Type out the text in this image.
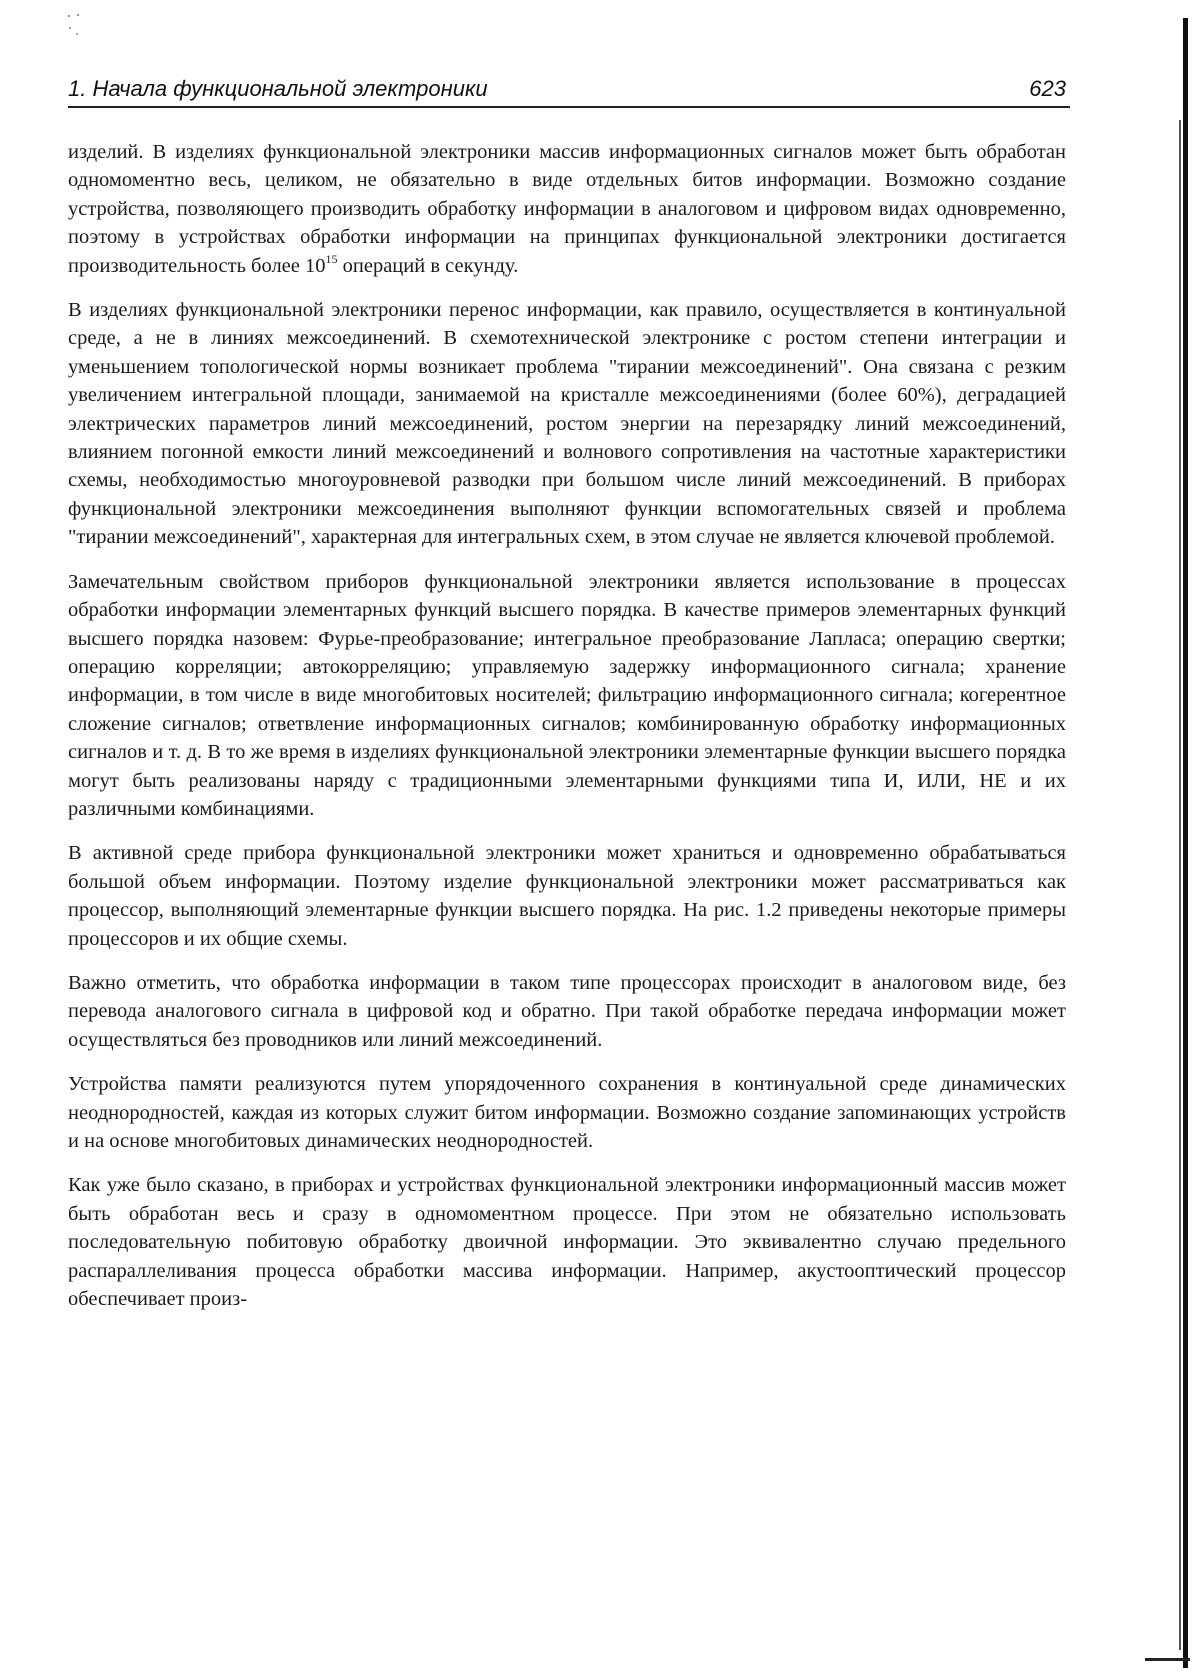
1. Начала функциональной электроники	623

изделий. В изделиях функциональной электроники массив информационных сигналов может быть обработан одномоментно весь, целиком, не обязательно в виде отдельных битов информации. Возможно создание устройства, позволяющего производить обработку информации в аналоговом и цифровом видах одновременно, поэтому в устройствах обработки информации на принципах функциональной электроники достигается производительность более $10^{15}$ операций в секунду.

В изделиях функциональной электроники перенос информации, как правило, осуществляется в континуальной среде, а не в линиях межсоединений. В схемотехнической электронике с ростом степени интеграции и уменьшением топологической нормы возникает проблема "тирании межсоединений". Она связана с резким увеличением интегральной площади, занимаемой на кристалле межсоединениями (более 60%), деградацией электрических параметров линий межсоединений, ростом энергии на перезарядку линий межсоединений, влиянием погонной емкости линий межсоединений и волнового сопротивления на частотные характеристики схемы, необходимостью многоуровневой разводки при большом числе линий межсоединений. В приборах функциональной электроники межсоединения выполняют функции вспомогательных связей и проблема "тирании межсоединений", характерная для интегральных схем, в этом случае не является ключевой проблемой.

Замечательным свойством приборов функциональной электроники является использование в процессах обработки информации элементарных функций высшего порядка. В качестве примеров элементарных функций высшего порядка назовем: Фурье-преобразование; интегральное преобразование Лапласа; операцию свертки; операцию корреляции; автокорреляцию; управляемую задержку информационного сигнала; хранение информации, в том числе в виде многобитовых носителей; фильтрацию информационного сигнала; когерентное сложение сигналов; ответвление информационных сигналов; комбинированную обработку информационных сигналов и т. д. В то же время в изделиях функциональной электроники элементарные функции высшего порядка могут быть реализованы наряду с традиционными элементарными функциями типа И, ИЛИ, НЕ и их различными комбинациями.

В активной среде прибора функциональной электроники может храниться и одновременно обрабатываться большой объем информации. Поэтому изделие функциональной электроники может рассматриваться как процессор, выполняющий элементарные функции высшего порядка. На рис. 1.2 приведены некоторые примеры процессоров и их общие схемы.

Важно отметить, что обработка информации в таком типе процессорах происходит в аналоговом виде, без перевода аналогового сигнала в цифровой код и обратно. При такой обработке передача информации может осуществляться без проводников или линий межсоединений.

Устройства памяти реализуются путем упорядоченного сохранения в континуальной среде динамических неоднородностей, каждая из которых служит битом информации. Возможно создание запоминающих устройств и на основе многобитовых динамических неоднородностей.

Как уже было сказано, в приборах и устройствах функциональной электроники информационный массив может быть обработан весь и сразу в одномоментном процессе. При этом не обязательно использовать последовательную побитовую обработку двоичной информации. Это эквивалентно случаю предельного распараллеливания процесса обработки массива информации. Например, акустооптический процессор обеспечивает произ-
